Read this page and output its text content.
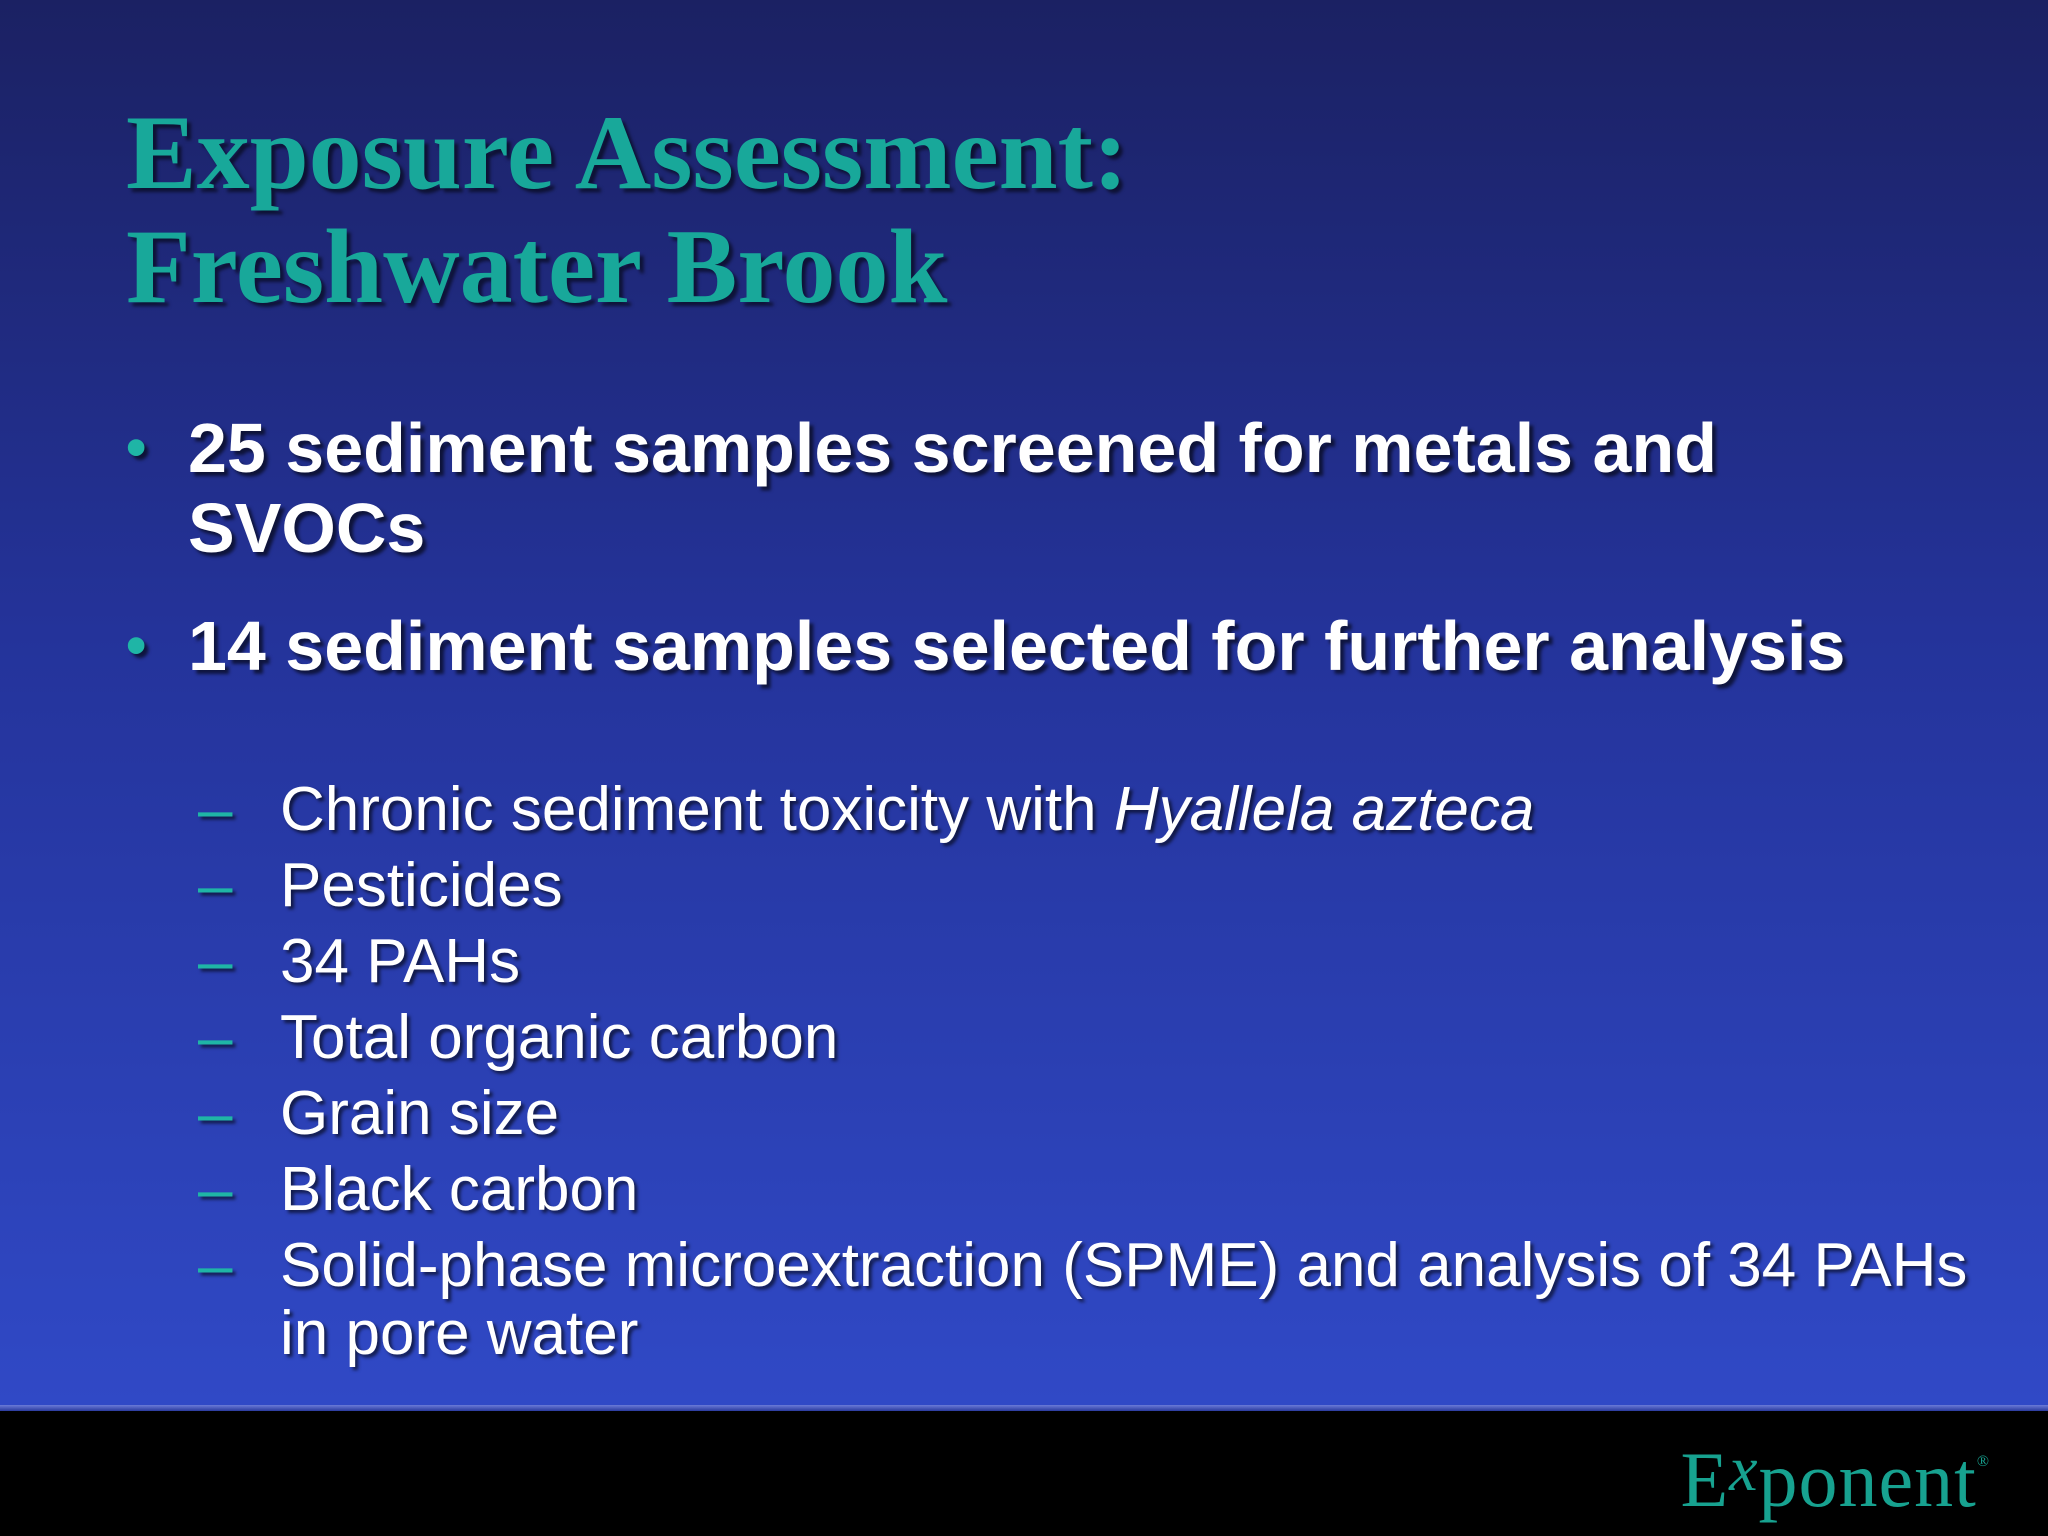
Exposure Assessment:
Freshwater Brook
• 25 sediment samples screened for metals and SVOCs
• 14 sediment samples selected for further analysis
– Chronic sediment toxicity with Hyallela azteca
– Pesticides
– 34 PAHs
– Total organic carbon
– Grain size
– Black carbon
– Solid-phase microextraction (SPME) and analysis of 34 PAHs in pore water
$E^xponent®$
